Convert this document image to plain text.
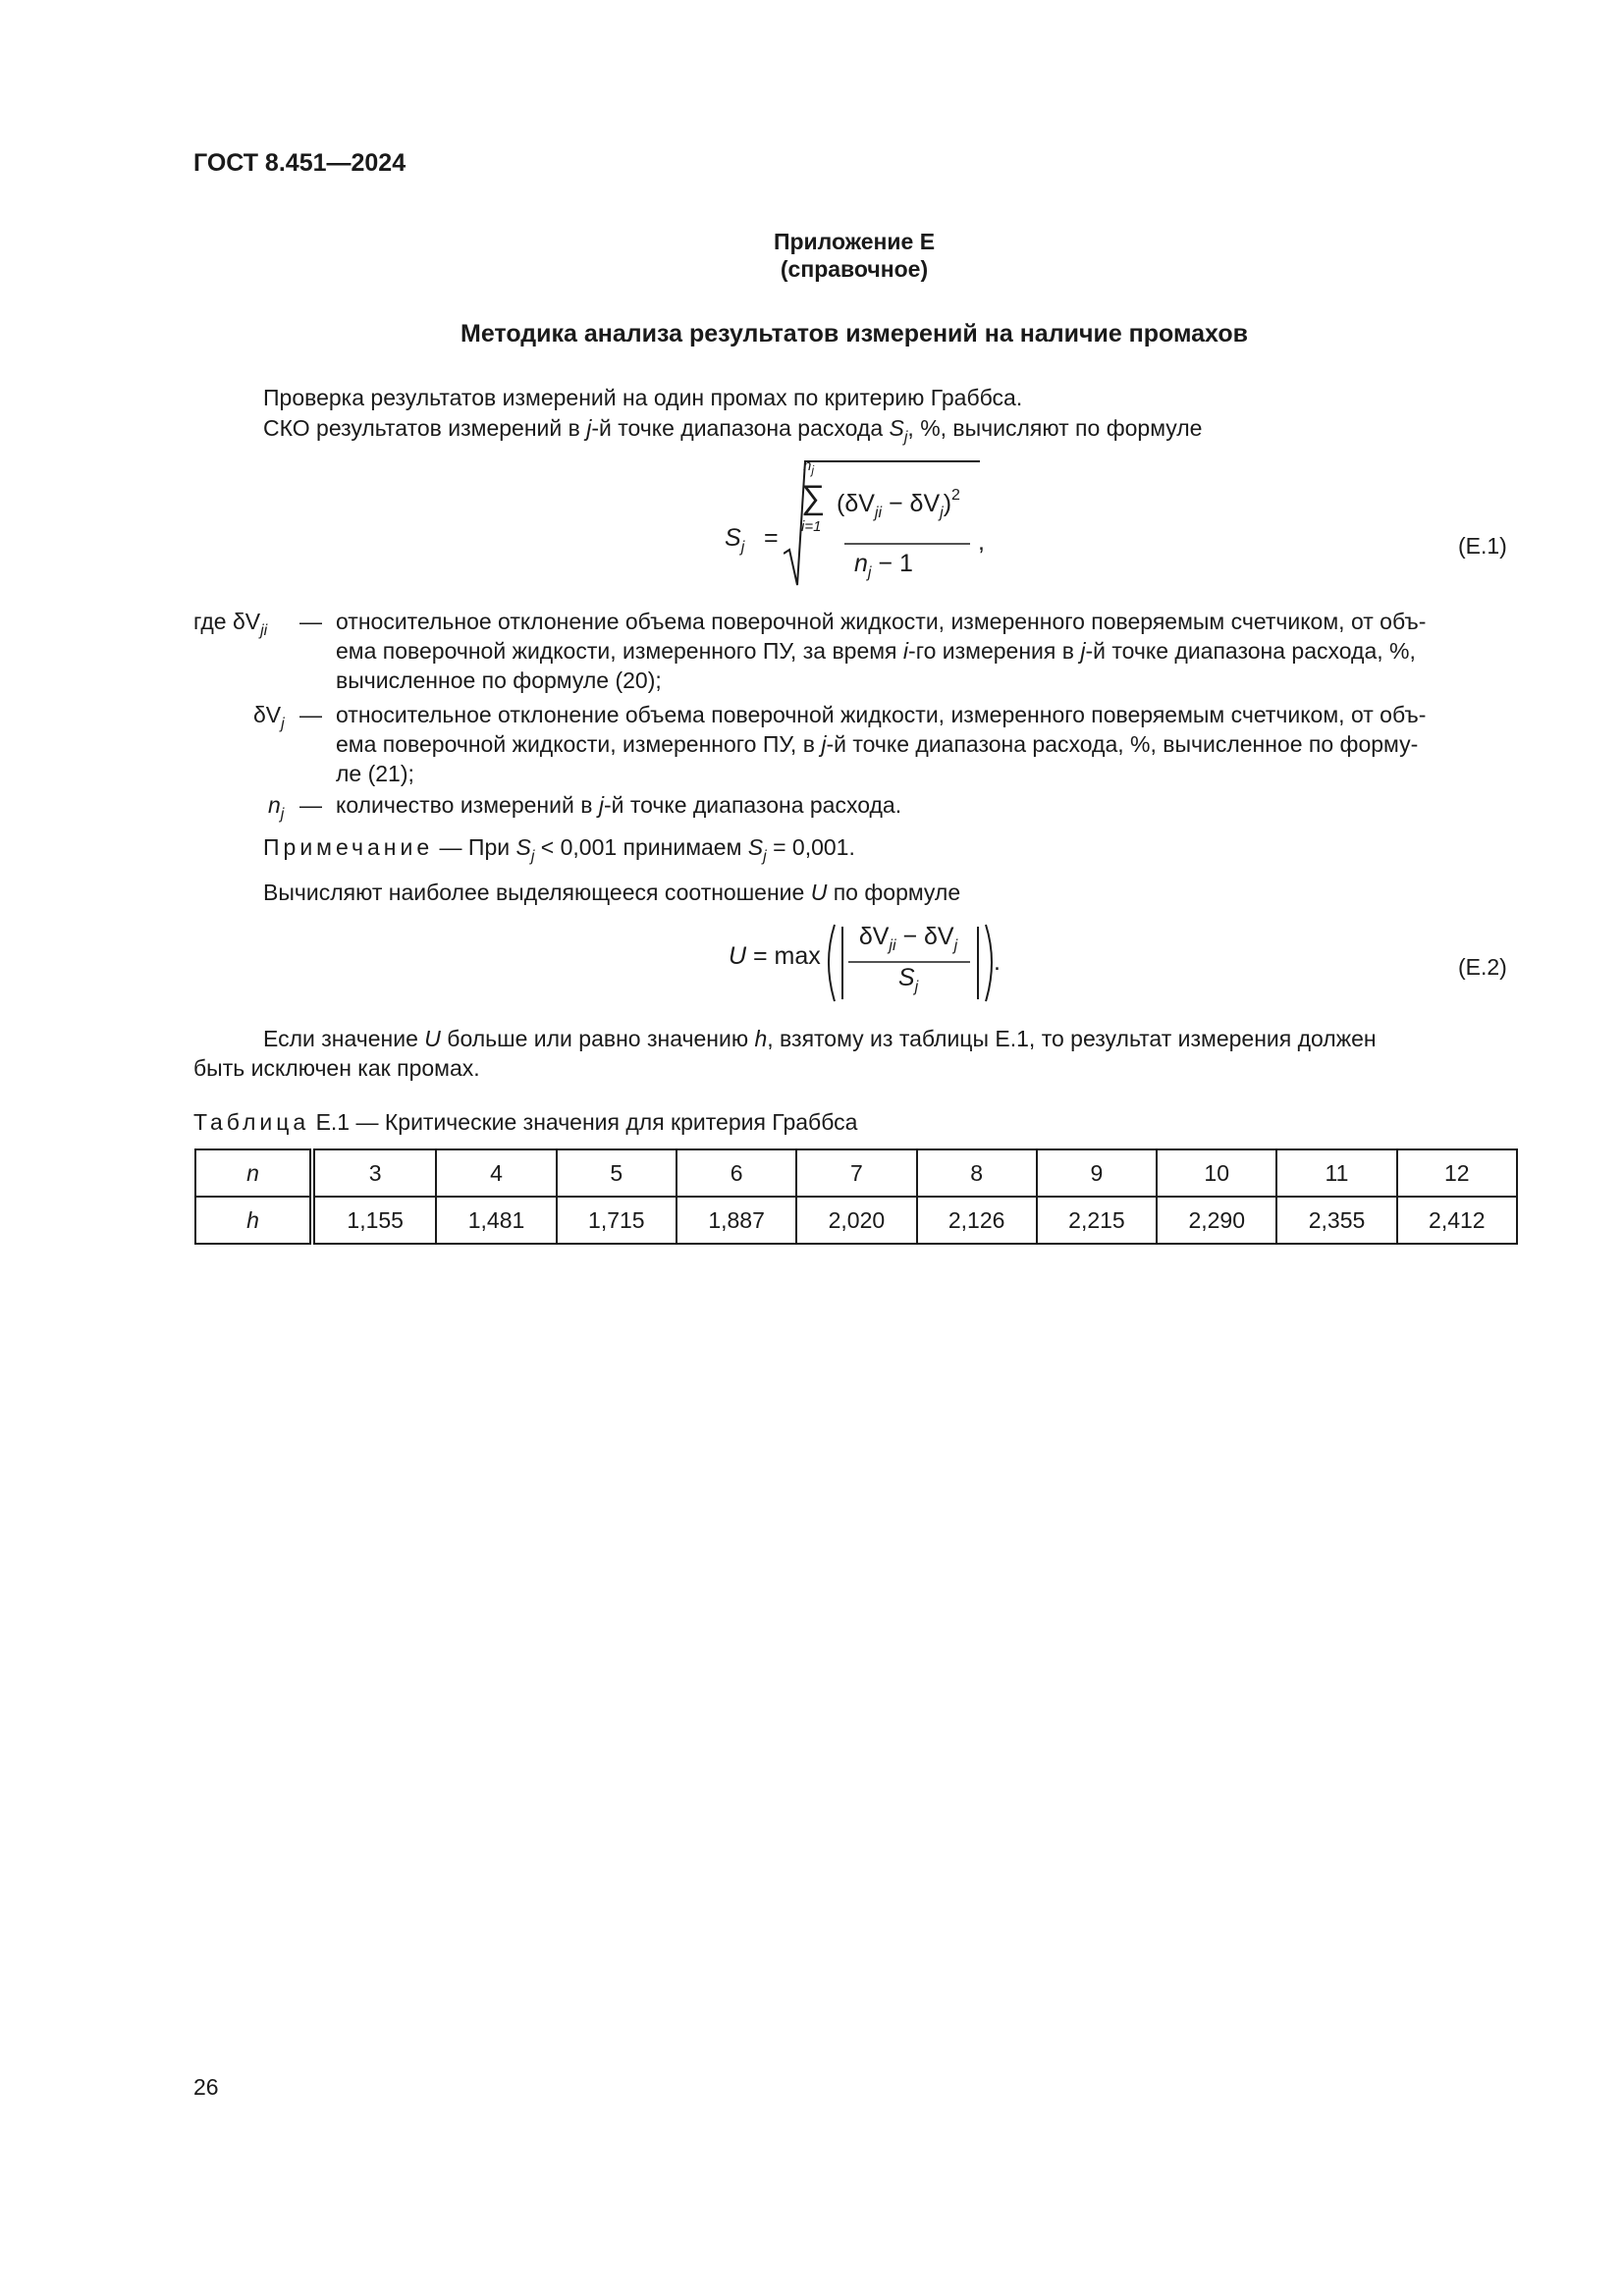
ГОСТ 8.451—2024
Приложение Е
(справочное)
Методика анализа результатов измерений на наличие промахов
Проверка результатов измерений на один промах по критерию Граббса.
СКО результатов измерений в j-й точке диапазона расхода $S_j$, %, вычисляют по формуле
$S_j$ =
$n_j$
∑
i=1
$(\delta V_{ji} - \delta V_j)^2$
$n_j - 1$
,	(Е.1)
где $\delta V_{ji}$ — относительное отклонение объема поверочной жидкости, измеренного поверяемым счетчиком, от объ-
ема поверочной жидкости, измеренного ПУ, за время i-го измерения в j-й точке диапазона расхода, %,
вычисленное по формуле (20);
$\delta V_j$ — относительное отклонение объема поверочной жидкости, измеренного поверяемым счетчиком, от объ-
ема поверочной жидкости, измеренного ПУ, в j-й точке диапазона расхода, %, вычисленное по форму-
ле (21);
$n_j$ — количество измерений в j-й точке диапазона расхода.
Примечание — При $S_j < 0,001$ принимаем $S_j = 0,001$.
Вычисляют наиболее выделяющееся соотношение U по формуле
U = max
$\delta V_{ji} - \delta V_j$
$S_j$
.	(Е.2)
Если значение U больше или равно значению h, взятому из таблицы Е.1, то результат измерения должен
быть исключен как промах.
Таблица Е.1 — Критические значения для критерия Граббса
n	3	4	5	6	7	8	9	10	11	12
h	1,155	1,481	1,715	1,887	2,020	2,126	2,215	2,290	2,355	2,412
26
